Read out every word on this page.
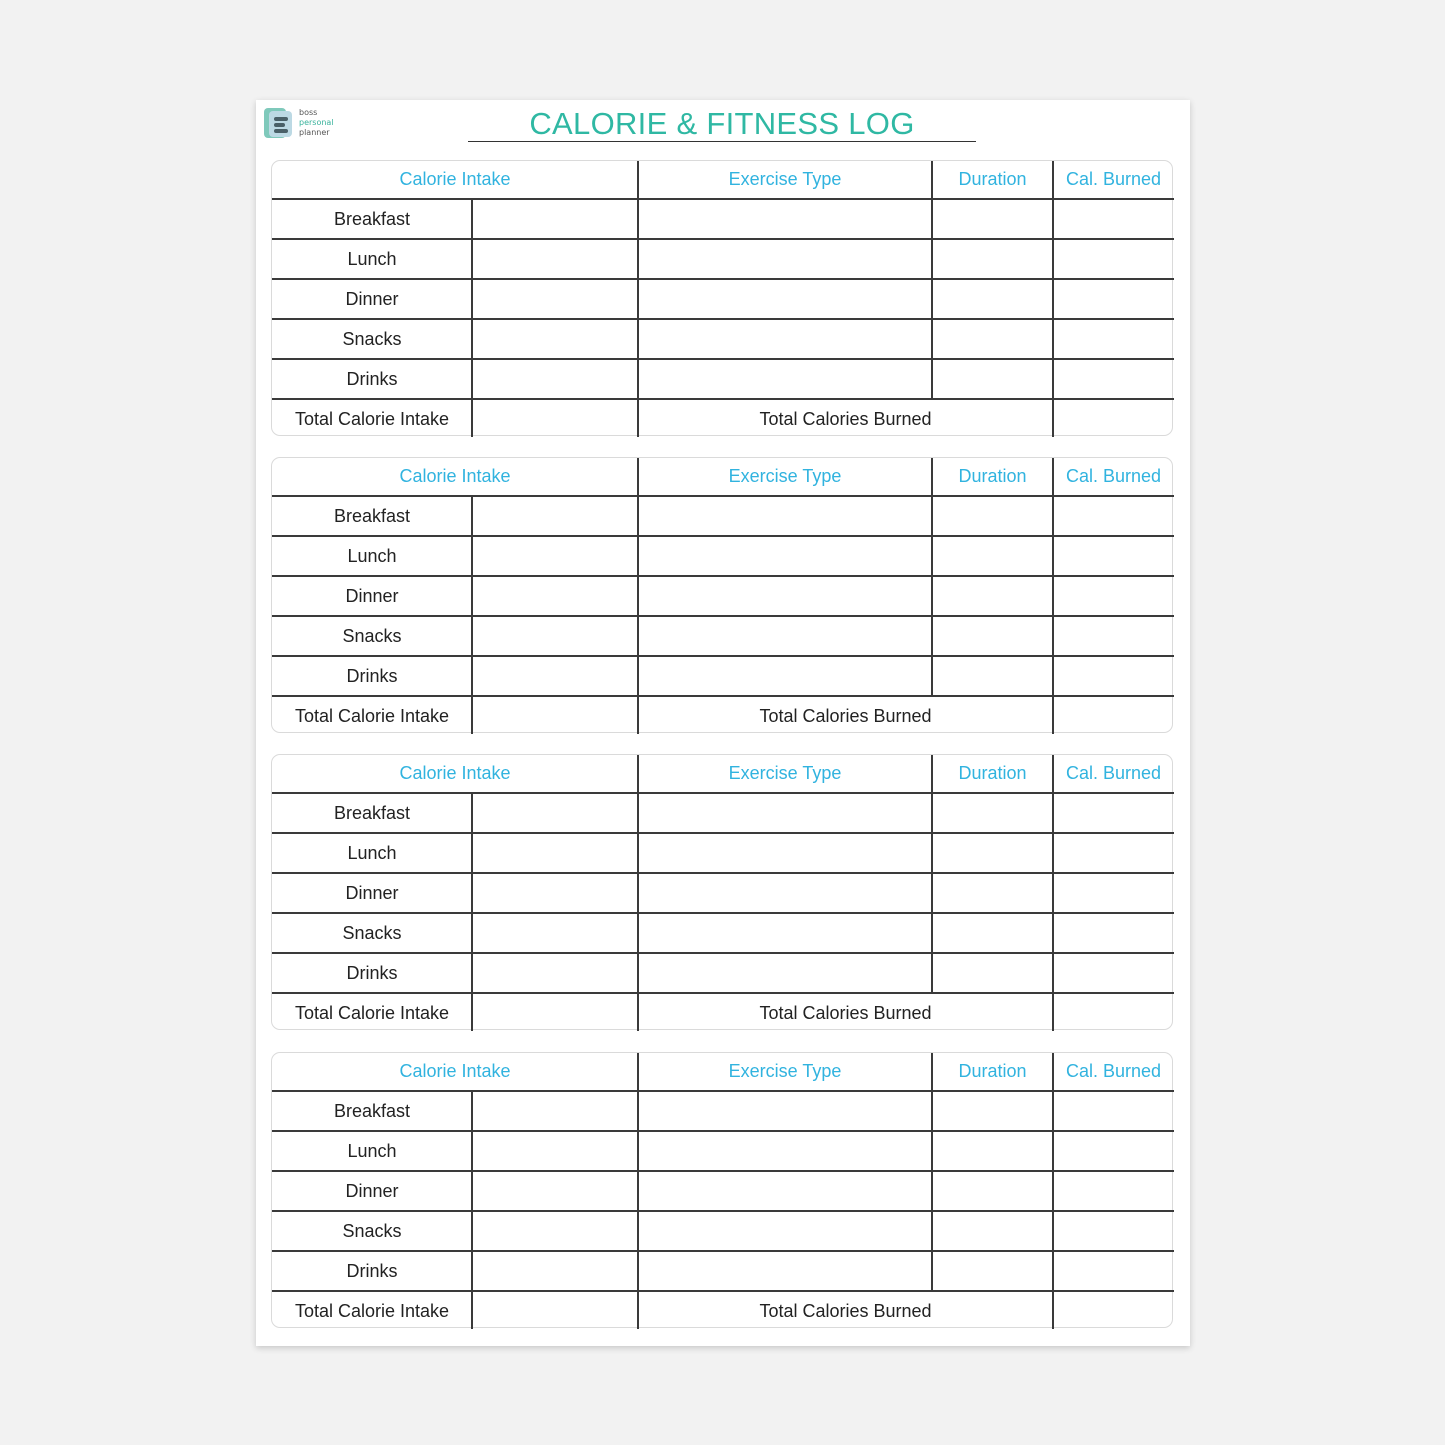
boss
personal
planner	CALORIE & FITNESS LOG
Calorie Intake	Exercise Type	Duration	Cal. Burned
Breakfast
Lunch
Dinner
Snacks
Drinks
Total Calorie Intake	Total Calories Burned
Calorie Intake	Exercise Type	Duration	Cal. Burned
Breakfast
Lunch
Dinner
Snacks
Drinks
Total Calorie Intake	Total Calories Burned
Calorie Intake	Exercise Type	Duration	Cal. Burned
Breakfast
Lunch
Dinner
Snacks
Drinks
Total Calorie Intake	Total Calories Burned
Calorie Intake	Exercise Type	Duration	Cal. Burned
Breakfast
Lunch
Dinner
Snacks
Drinks
Total Calorie Intake	Total Calories Burned
